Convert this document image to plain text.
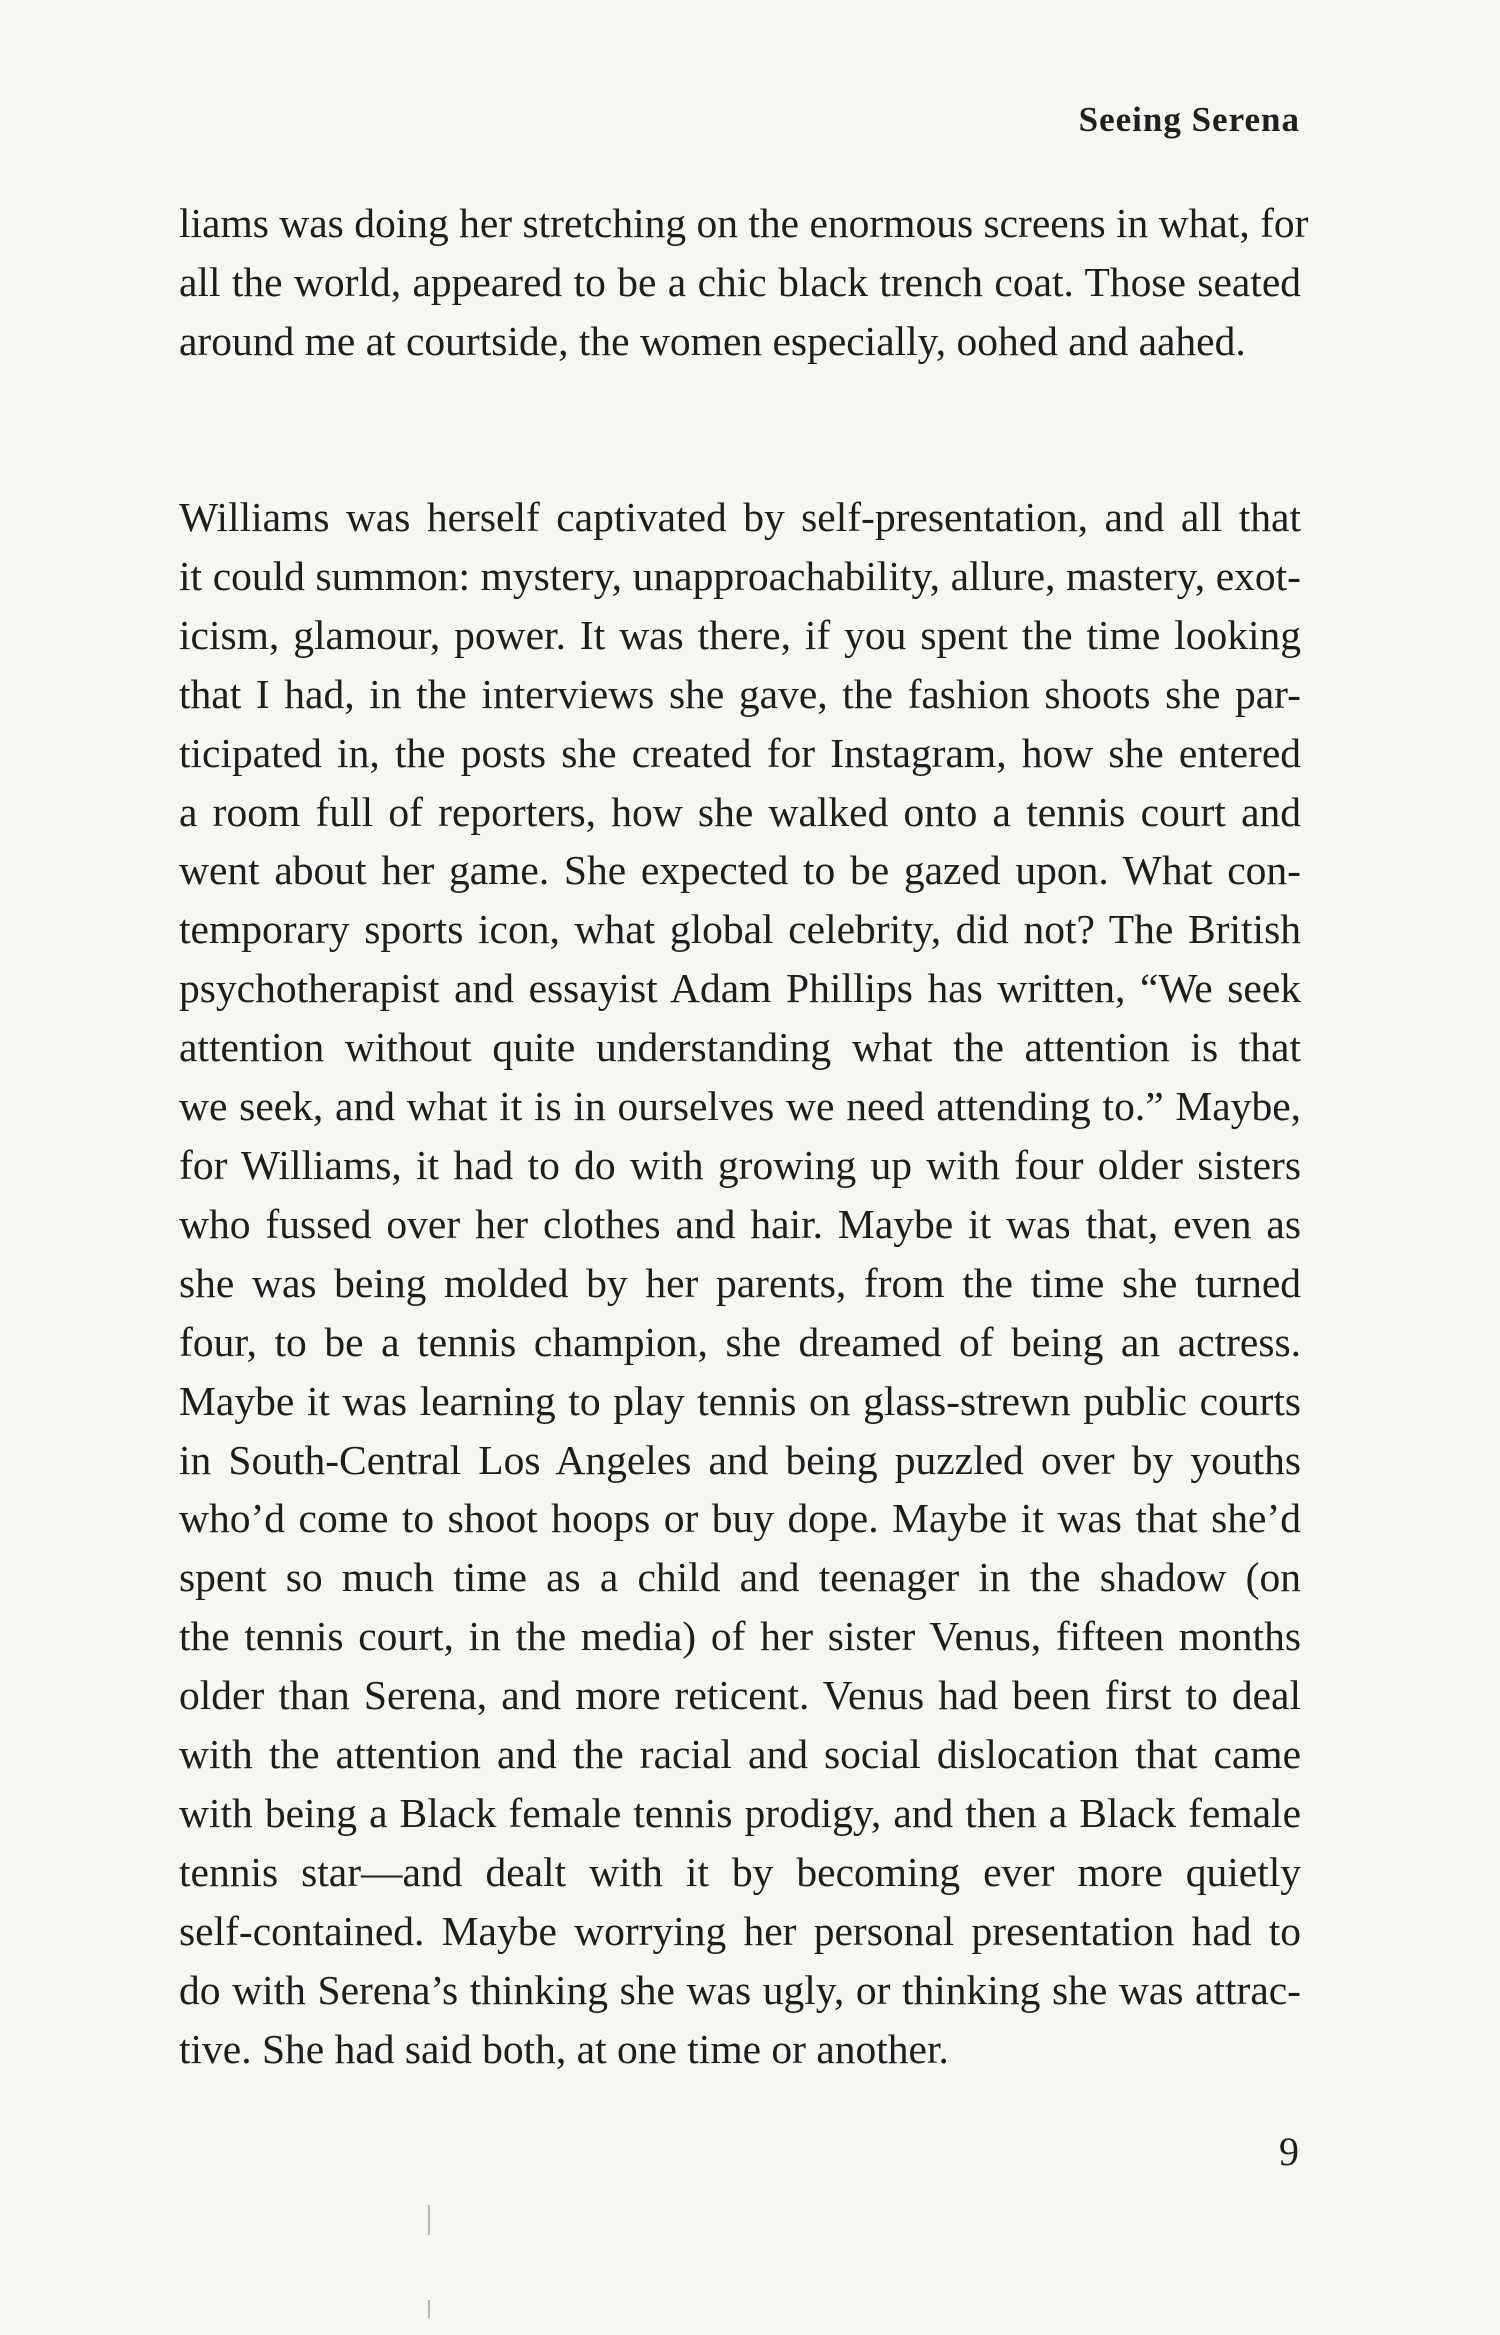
Seeing Serena
liams was doing her stretching on the enormous screens in what, for
all the world, appeared to be a chic black trench coat. Those seated
around me at courtside, the women especially, oohed and aahed.
Williams was herself captivated by self-presentation, and all that
it could summon: mystery, unapproachability, allure, mastery, exot-
icism, glamour, power. It was there, if you spent the time looking
that I had, in the interviews she gave, the fashion shoots she par-
ticipated in, the posts she created for Instagram, how she entered
a room full of reporters, how she walked onto a tennis court and
went about her game. She expected to be gazed upon. What con-
temporary sports icon, what global celebrity, did not? The British
psychotherapist and essayist Adam Phillips has written, “We seek
attention without quite understanding what the attention is that
we seek, and what it is in ourselves we need attending to.” Maybe,
for Williams, it had to do with growing up with four older sisters
who fussed over her clothes and hair. Maybe it was that, even as
she was being molded by her parents, from the time she turned
four, to be a tennis champion, she dreamed of being an actress.
Maybe it was learning to play tennis on glass-strewn public courts
in South-Central Los Angeles and being puzzled over by youths
who’d come to shoot hoops or buy dope. Maybe it was that she’d
spent so much time as a child and teenager in the shadow (on
the tennis court, in the media) of her sister Venus, fifteen months
older than Serena, and more reticent. Venus had been first to deal
with the attention and the racial and social dislocation that came
with being a Black female tennis prodigy, and then a Black female
tennis star—and dealt with it by becoming ever more quietly
self-contained. Maybe worrying her personal presentation had to
do with Serena’s thinking she was ugly, or thinking she was attrac-
tive. She had said both, at one time or another.
9
